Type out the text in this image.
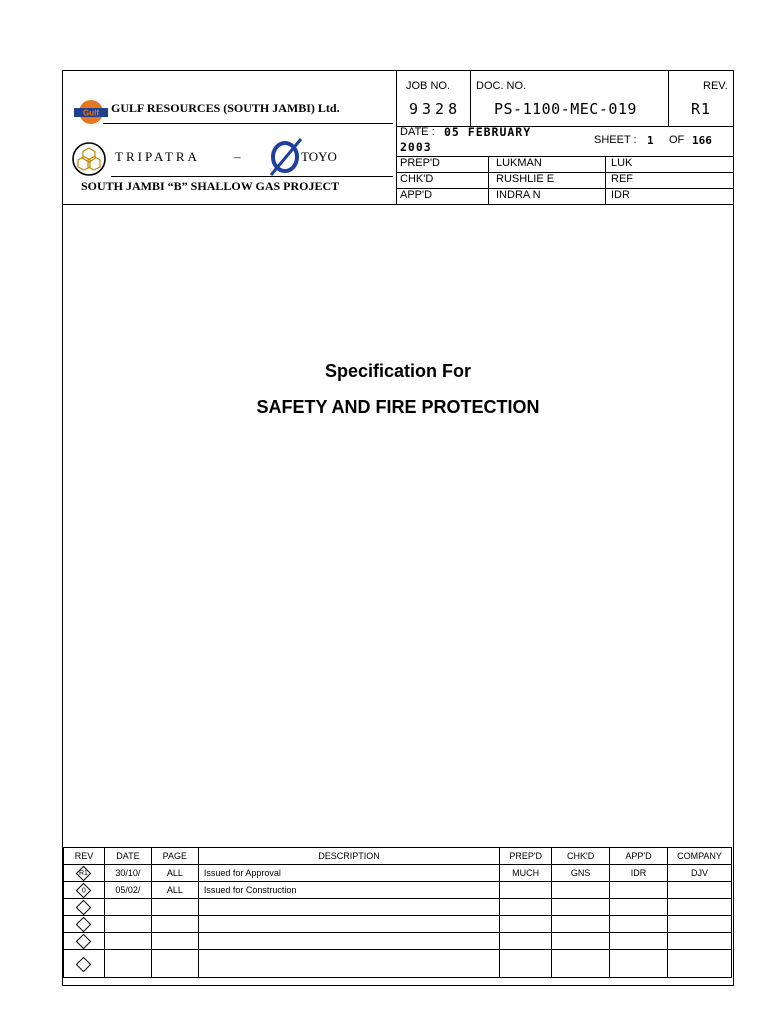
Gulf GULF RESOURCES (SOUTH JAMBI) Ltd.
TRIPATRA	–	TOYO
SOUTH JAMBI “B” SHALLOW GAS PROJECT
JOB NO.
9328
DOC. NO.
PS-1100-MEC-019
REV.
R1
DATE : 05 FEBRUARY
2003	SHEET : 1 OF 166
PREP'D	LUKMAN	LUK
CHK'D	RUSHLIE E	REF
APP'D	INDRA N	IDR
Specification For
SAFETY AND FIRE PROTECTION
REV	DATE	PAGE	DESCRIPTION	PREP'D	CHK'D	APP'D	COMPANY
R1	30/10/	ALL	Issued for Approval	MUCH	GNS	IDR	DJV
0	05/02/	ALL	Issued for Construction				
